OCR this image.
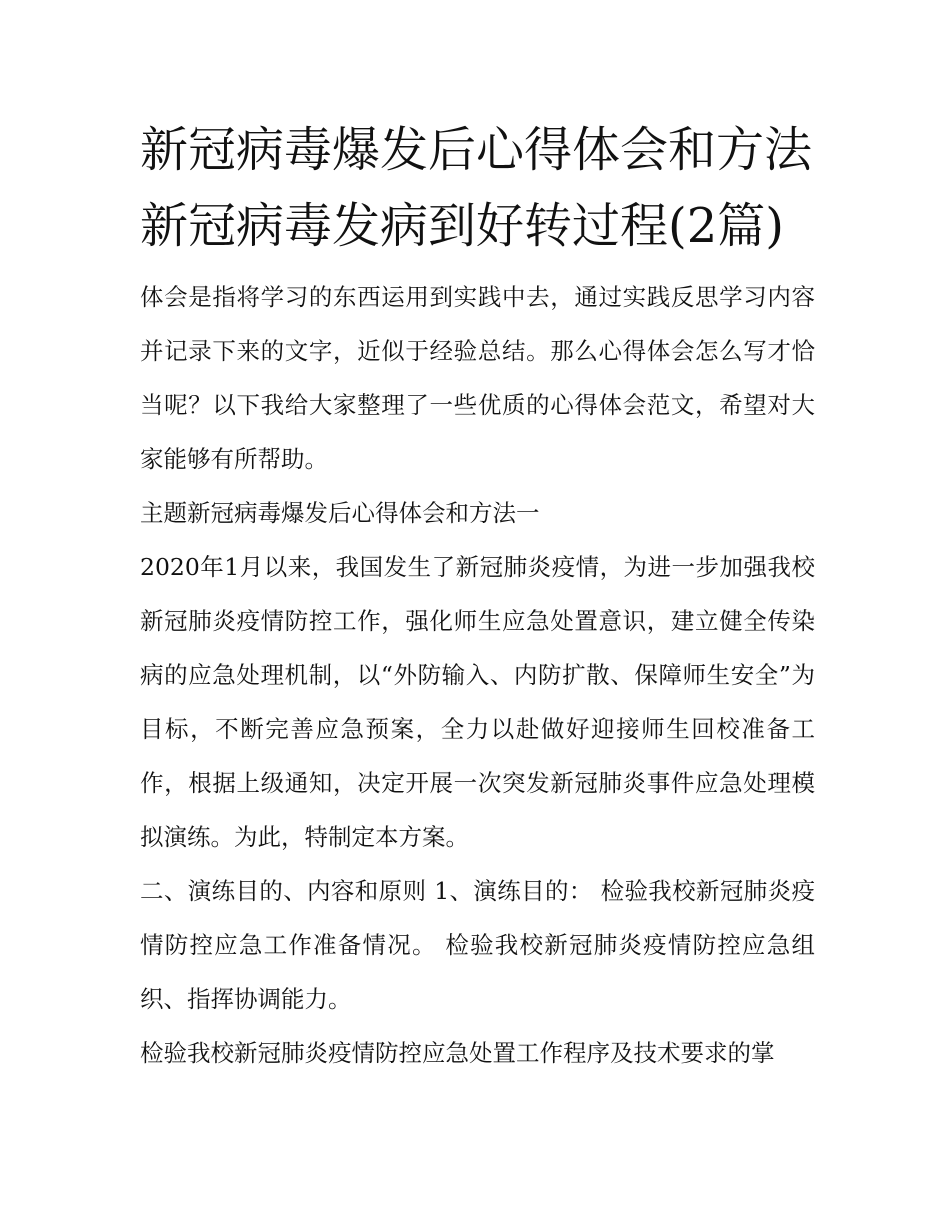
新冠病毒爆发后心得体会和方法 新冠病毒发病到好转过程(2篇)

体会是指将学习的东西运用到实践中去，通过实践反思学习内容并记录下来的文字，近似于经验总结。那么心得体会怎么写才恰当呢？以下我给大家整理了一些优质的心得体会范文，希望对大家能够有所帮助。

主题新冠病毒爆发后心得体会和方法一

2020年1月以来，我国发生了新冠肺炎疫情，为进一步加强我校新冠肺炎疫情防控工作，强化师生应急处置意识，建立健全传染病的应急处理机制，以“外防输入、内防扩散、保障师生安全”为目标，不断完善应急预案，全力以赴做好迎接师生回校准备工作，根据上级通知，决定开展一次突发新冠肺炎事件应急处理模拟演练。为此，特制定本方案。

二、演练目的、内容和原则 1、演练目的： 检验我校新冠肺炎疫情防控应急工作准备情况。 检验我校新冠肺炎疫情防控应急组织、指挥协调能力。

检验我校新冠肺炎疫情防控应急处置工作程序及技术要求的掌
